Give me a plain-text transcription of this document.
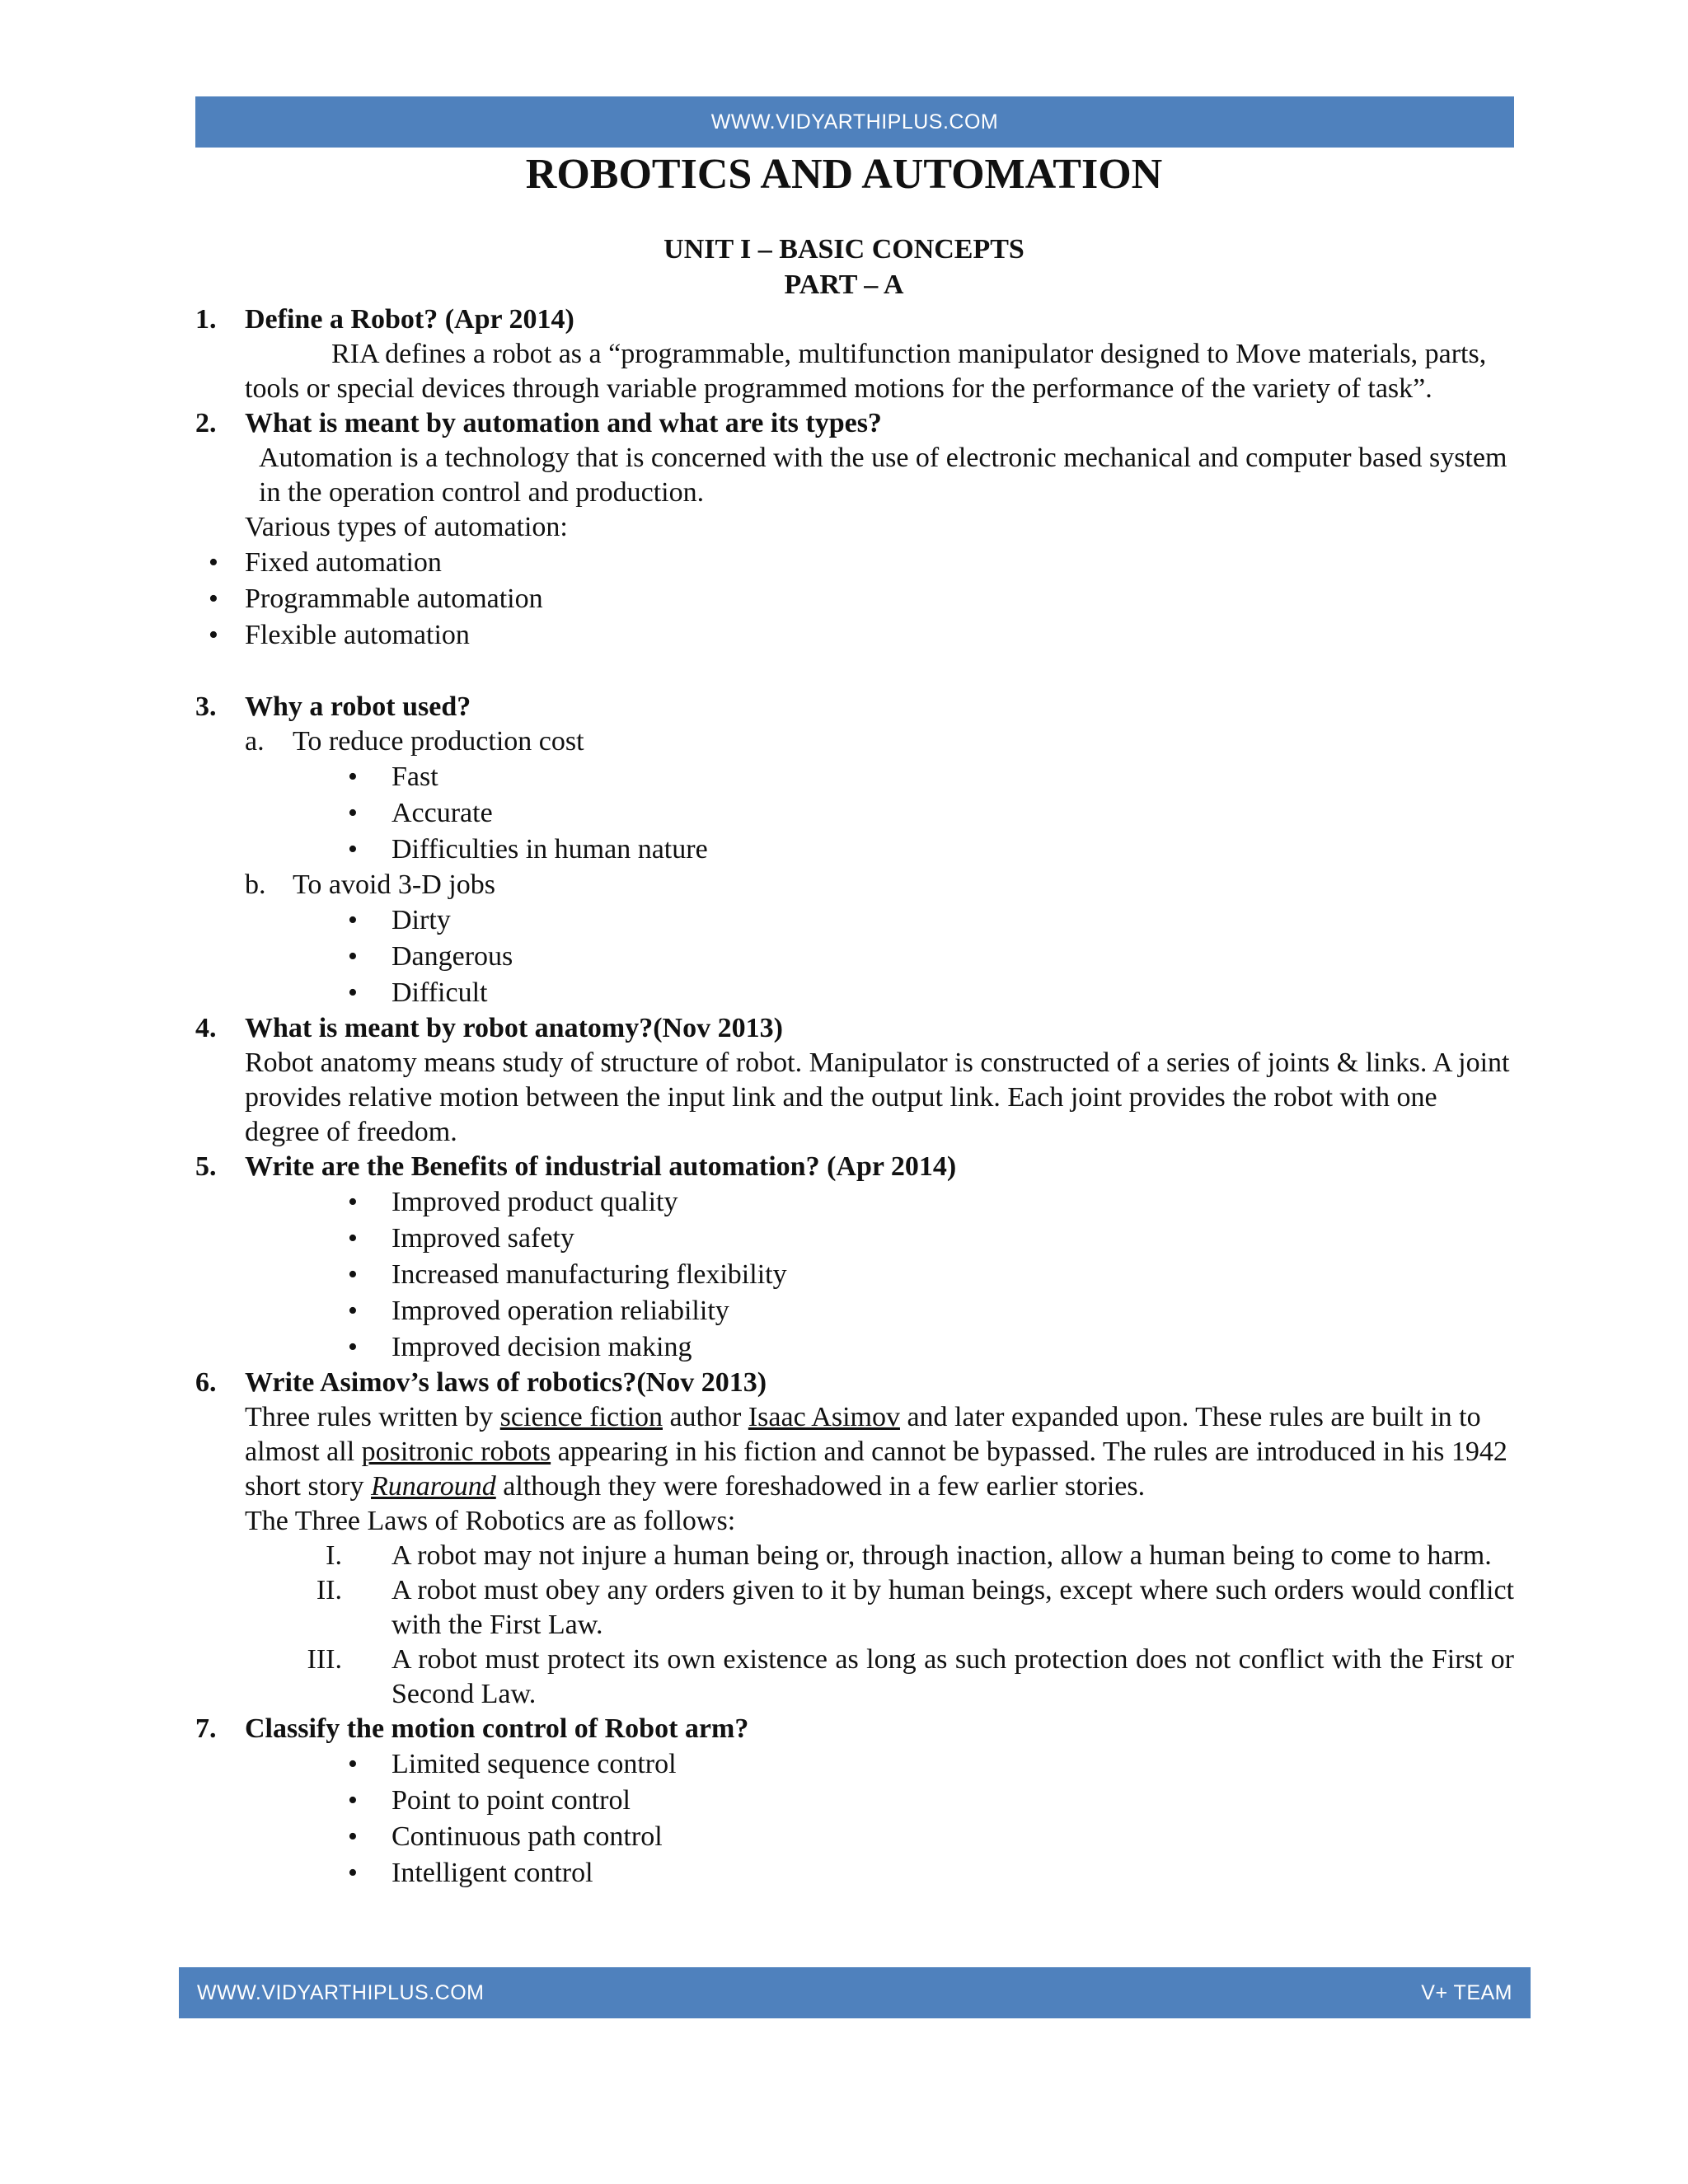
WWW.VIDYARTHIPLUS.COM
ROBOTICS AND AUTOMATION
UNIT I – BASIC CONCEPTS
PART – A
1.	Define a Robot? (Apr 2014)
RIA defines a robot as a “programmable, multifunction manipulator designed to Move materials, parts, tools or special devices through variable programmed motions for the performance of the variety of task”.
2.	What is meant by automation and what are its types?
Automation is a technology that is concerned with the use of electronic mechanical and computer based system in the operation control and production.
Various types of automation:
• Fixed automation
• Programmable automation
• Flexible automation
3.	Why a robot used?
a.	To reduce production cost
•	Fast
•	Accurate
•	Difficulties in human nature
b. To avoid 3-D jobs
•	Dirty
•	Dangerous
•	Difficult
4.	What is meant by robot anatomy?(Nov 2013)
Robot anatomy means study of structure of robot. Manipulator is constructed of a series of joints & links. A joint provides relative motion between the input link and the output link. Each joint provides the robot with one degree of freedom.
5.	Write are the Benefits of industrial automation? (Apr 2014)
•	Improved product quality
•	Improved safety
•	Increased manufacturing flexibility
•	Improved operation reliability
•	Improved decision making
6.	Write Asimov’s laws of robotics?(Nov 2013)
Three rules written by science fiction author Isaac Asimov and later expanded upon. These rules are built in to almost all positronic robots appearing in his fiction and cannot be bypassed. The rules are introduced in his 1942 short story Runaround although they were foreshadowed in a few earlier stories.
The Three Laws of Robotics are as follows:
I.	A robot may not injure a human being or, through inaction, allow a human being to come to harm.
II.	A robot must obey any orders given to it by human beings, except where such orders would conflict with the First Law.
III.	A robot must protect its own existence as long as such protection does not conflict with the First or Second Law.
7.	Classify the motion control of Robot arm?
•	Limited sequence control
•	Point to point control
•	Continuous path control
•	Intelligent control
WWW.VIDYARTHIPLUS.COM	V+ TEAM
